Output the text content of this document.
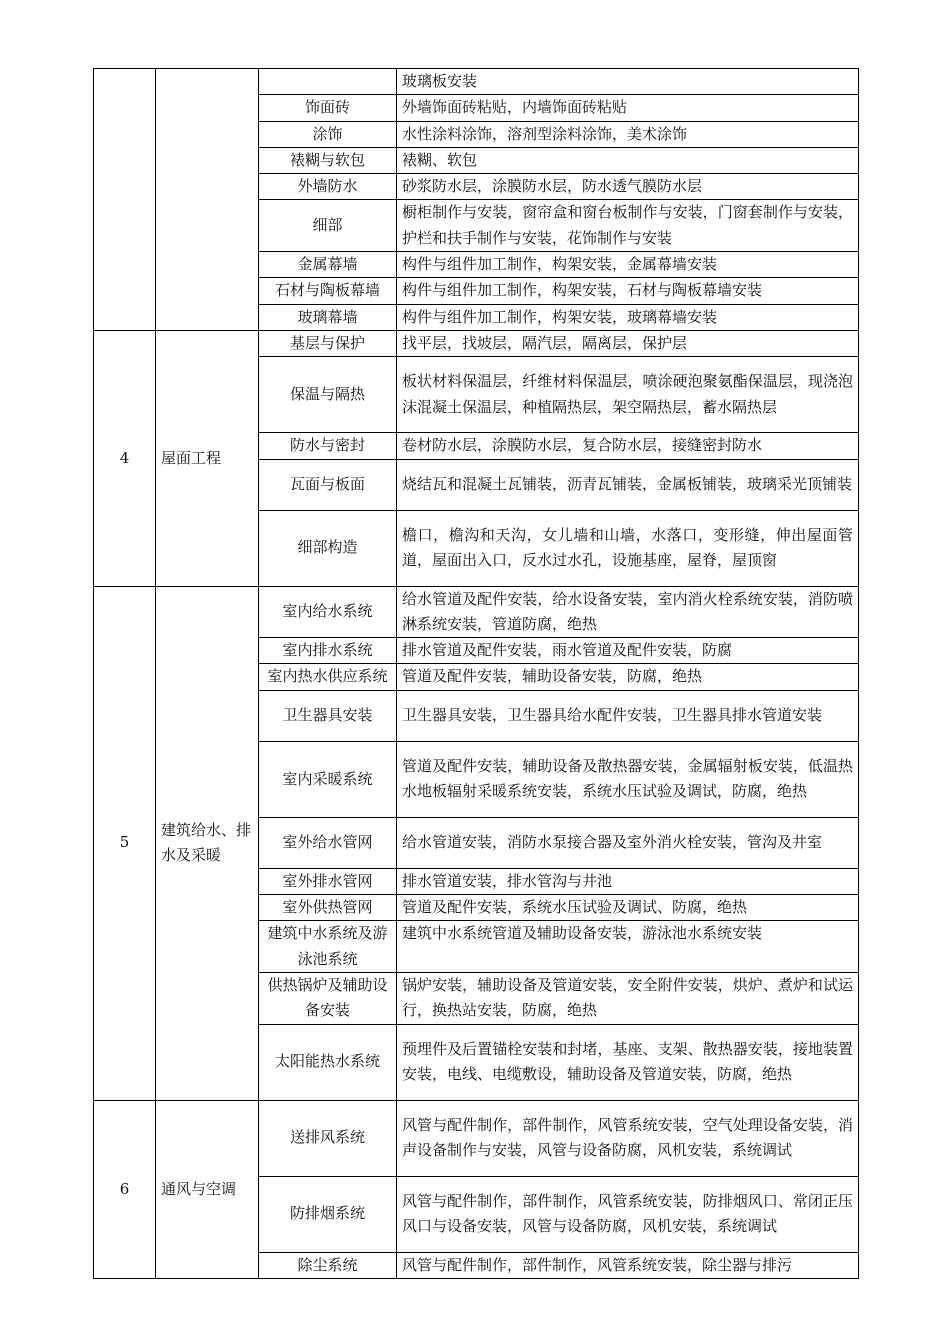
			玻璃板安装
		饰面砖	外墙饰面砖粘贴，内墙饰面砖粘贴
		涂饰	水性涂料涂饰，溶剂型涂料涂饰，美术涂饰
		裱糊与软包	裱糊、软包
		外墙防水	砂浆防水层，涂膜防水层，防水透气膜防水层
		细部	橱柜制作与安装，窗帘盒和窗台板制作与安装，门窗套制作与安装，护栏和扶手制作与安装，花饰制作与安装
		金属幕墙	构件与组件加工制作，构架安装，金属幕墙安装
		石材与陶板幕墙	构件与组件加工制作，构架安装，石材与陶板幕墙安装
		玻璃幕墙	构件与组件加工制作，构架安装，玻璃幕墙安装
4	屋面工程	基层与保护	找平层，找坡层，隔汽层，隔离层，保护层
		保温与隔热	板状材料保温层，纤维材料保温层，喷涂硬泡聚氨酯保温层，现浇泡沫混凝土保温层，种植隔热层，架空隔热层，蓄水隔热层
		防水与密封	卷材防水层，涂膜防水层，复合防水层，接缝密封防水
		瓦面与板面	烧结瓦和混凝土瓦铺装，沥青瓦铺装，金属板铺装，玻璃采光顶铺装
		细部构造	檐口，檐沟和天沟，女儿墙和山墙，水落口，变形缝，伸出屋面管道，屋面出入口，反水过水孔，设施基座，屋脊，屋顶窗
5	建筑给水、排水及采暖	室内给水系统	给水管道及配件安装，给水设备安装，室内消火栓系统安装，消防喷淋系统安装，管道防腐，绝热
		室内排水系统	排水管道及配件安装，雨水管道及配件安装，防腐
		室内热水供应系统	管道及配件安装，辅助设备安装，防腐，绝热
		卫生器具安装	卫生器具安装，卫生器具给水配件安装，卫生器具排水管道安装
		室内采暖系统	管道及配件安装，辅助设备及散热器安装，金属辐射板安装，低温热水地板辐射采暖系统安装，系统水压试验及调试，防腐，绝热
		室外给水管网	给水管道安装，消防水泵接合器及室外消火栓安装，管沟及井室
		室外排水管网	排水管道安装，排水管沟与井池
		室外供热管网	管道及配件安装，系统水压试验及调试、防腐，绝热
		建筑中水系统及游泳池系统	建筑中水系统管道及辅助设备安装，游泳池水系统安装
		供热锅炉及辅助设备安装	锅炉安装，辅助设备及管道安装，安全附件安装，烘炉、煮炉和试运行，换热站安装，防腐，绝热
		太阳能热水系统	预埋件及后置锚栓安装和封堵，基座、支架、散热器安装，接地装置安装，电线、电缆敷设，辅助设备及管道安装，防腐，绝热
6	通风与空调	送排风系统	风管与配件制作，部件制作，风管系统安装，空气处理设备安装，消声设备制作与安装，风管与设备防腐，风机安装，系统调试
		防排烟系统	风管与配件制作，部件制作，风管系统安装，防排烟风口、常闭正压风口与设备安装，风管与设备防腐，风机安装，系统调试
		除尘系统	风管与配件制作，部件制作，风管系统安装，除尘器与排污
